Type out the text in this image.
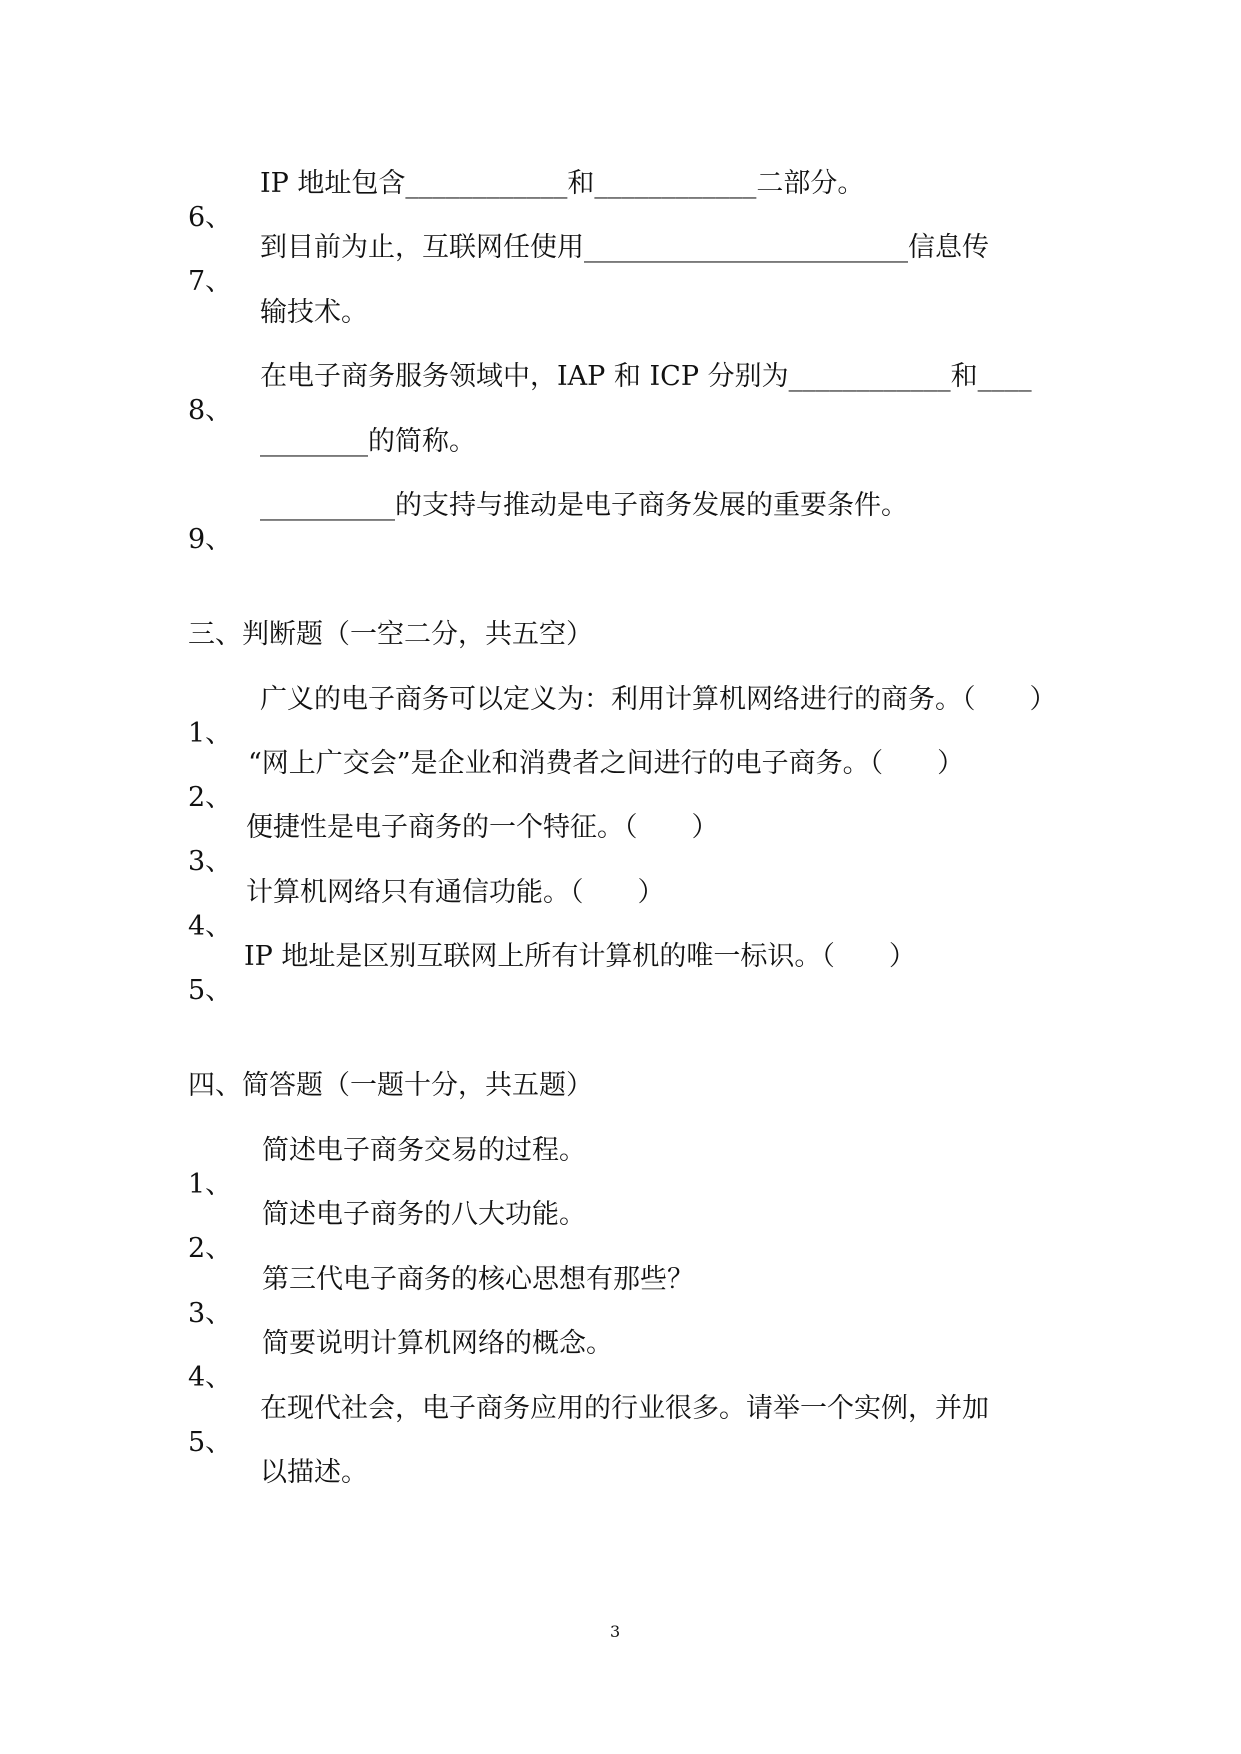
6、

IP 地址包含____________和____________二部分。

7、

到目前为止，互联网任使用________________________信息传
输技术。

8、

在电子商务服务领域中，IAP 和 ICP 分别为____________和____
________的简称。

9、

__________的支持与推动是电子商务发展的重要条件。
三、判断题（一空二分，共五空）

1、

广义的电子商务可以定义为：利用计算机网络进行的商务。（　　）

2、

“网上广交会”是企业和消费者之间进行的电子商务。（　　）

3、

便捷性是电子商务的一个特征。（　　）

4、

计算机网络只有通信功能。（　　）

5、

IP 地址是区别互联网上所有计算机的唯一标识。（　　）
四、简答题（一题十分，共五题）

1、

简述电子商务交易的过程。

2、

简述电子商务的八大功能。

3、

第三代电子商务的核心思想有那些？

4、

简要说明计算机网络的概念。

5、

在现代社会，电子商务应用的行业很多。请举一个实例，并加
以描述。
3
